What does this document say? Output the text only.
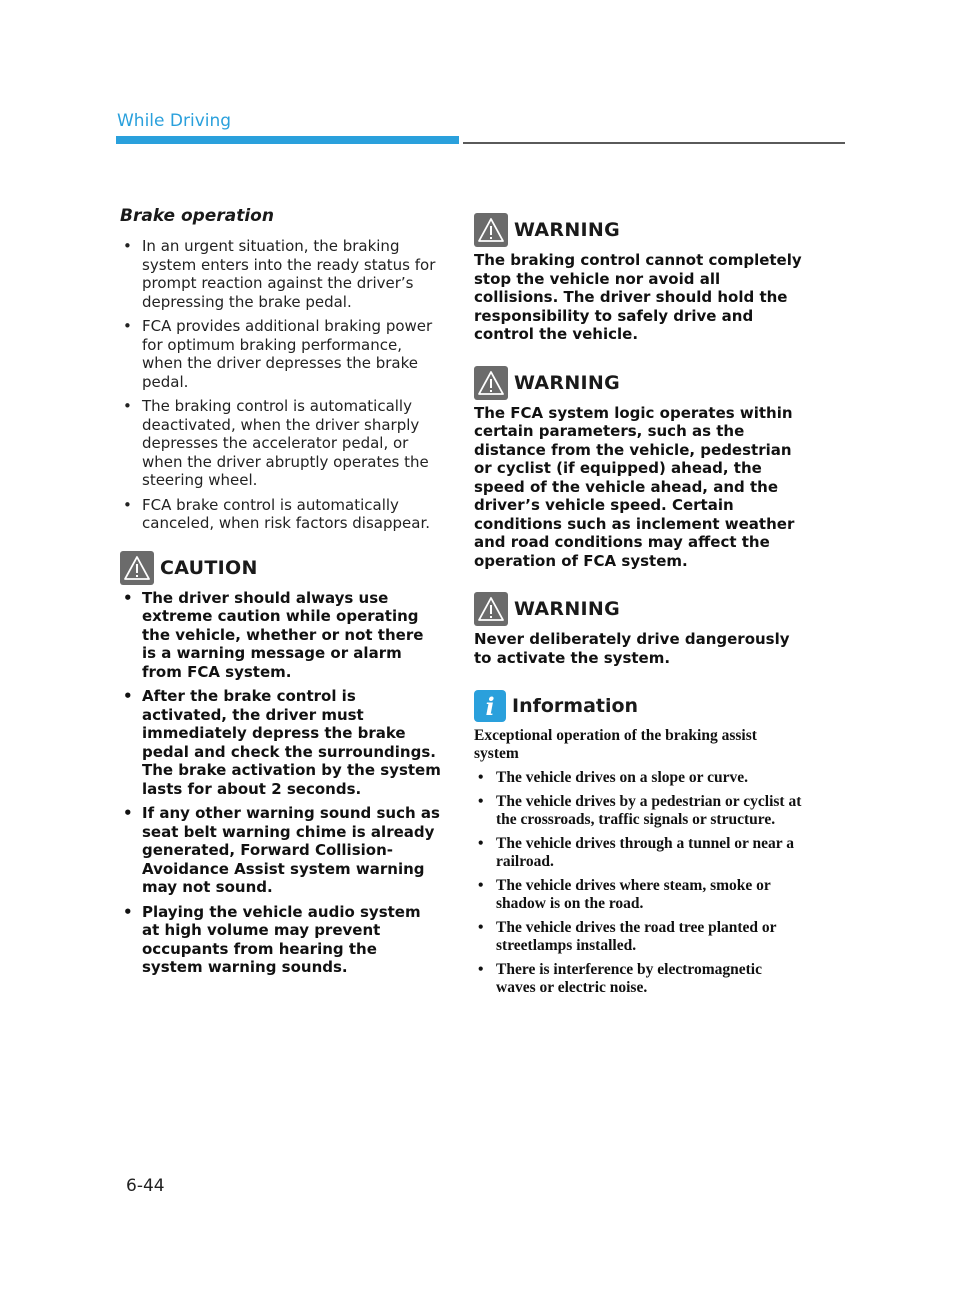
While Driving
Brake operation
• In an urgent situation, the braking system enters into the ready status for prompt reaction against the driver’s depressing the brake pedal.
• FCA provides additional braking power for optimum braking performance, when the driver depresses the brake pedal.
• The braking control is automatically deactivated, when the driver sharply depresses the accelerator pedal, or when the driver abruptly operates the steering wheel.
• FCA brake control is automatically canceled, when risk factors disappear.
CAUTION
• The driver should always use extreme caution while operating the vehicle, whether or not there is a warning message or alarm from FCA system.
• After the brake control is activated, the driver must immediately depress the brake pedal and check the surroundings. The brake activation by the system lasts for about 2 seconds.
• If any other warning sound such as seat belt warning chime is already generated, Forward Collision-Avoidance Assist system warning may not sound.
• Playing the vehicle audio system at high volume may prevent occupants from hearing the system warning sounds.
WARNING
The braking control cannot completely stop the vehicle nor avoid all collisions. The driver should hold the responsibility to safely drive and control the vehicle.
WARNING
The FCA system logic operates within certain parameters, such as the distance from the vehicle, pedestrian or cyclist (if equipped) ahead, the speed of the vehicle ahead, and the driver’s vehicle speed. Certain conditions such as inclement weather and road conditions may affect the operation of FCA system.
WARNING
Never deliberately drive dangerously to activate the system.
i Information
Exceptional operation of the braking assist system
• The vehicle drives on a slope or curve.
• The vehicle drives by a pedestrian or cyclist at the crossroads, traffic signals or structure.
• The vehicle drives through a tunnel or near a railroad.
• The vehicle drives where steam, smoke or shadow is on the road.
• The vehicle drives the road tree planted or streetlamps installed.
• There is interference by electromagnetic waves or electric noise.
6-44
